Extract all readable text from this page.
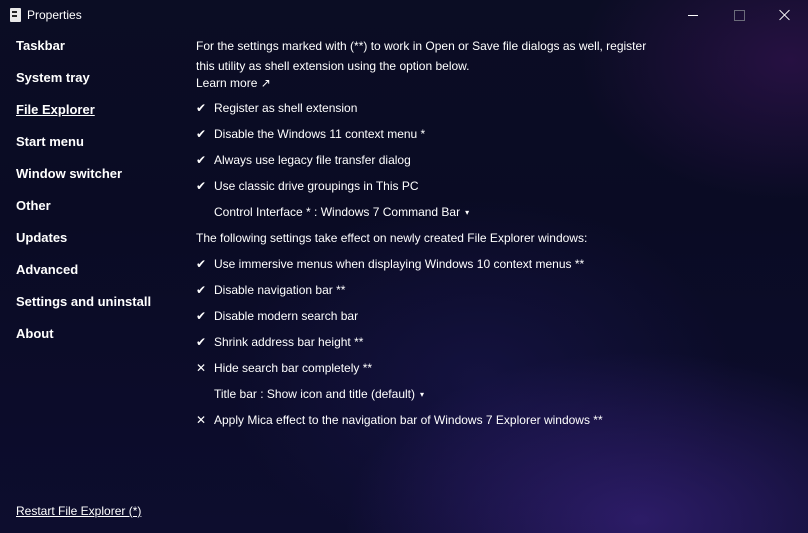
Properties
Taskbar
System tray
File Explorer
Start menu
Window switcher
Other
Updates
Advanced
Settings and uninstall
About
Restart File Explorer (*)
For the settings marked with (**) to work in Open or Save file dialogs as well, register this utility as shell extension using the option below.
Learn more ↗
✔ Register as shell extension
✔ Disable the Windows 11 context menu *
✔ Always use legacy file transfer dialog
✔ Use classic drive groupings in This PC
Control Interface * : Windows 7 Command Bar ▾
The following settings take effect on newly created File Explorer windows:
✔ Use immersive menus when displaying Windows 10 context menus **
✔ Disable navigation bar **
✔ Disable modern search bar
✔ Shrink address bar height **
✕ Hide search bar completely **
Title bar : Show icon and title (default) ▾
✕ Apply Mica effect to the navigation bar of Windows 7 Explorer windows **
